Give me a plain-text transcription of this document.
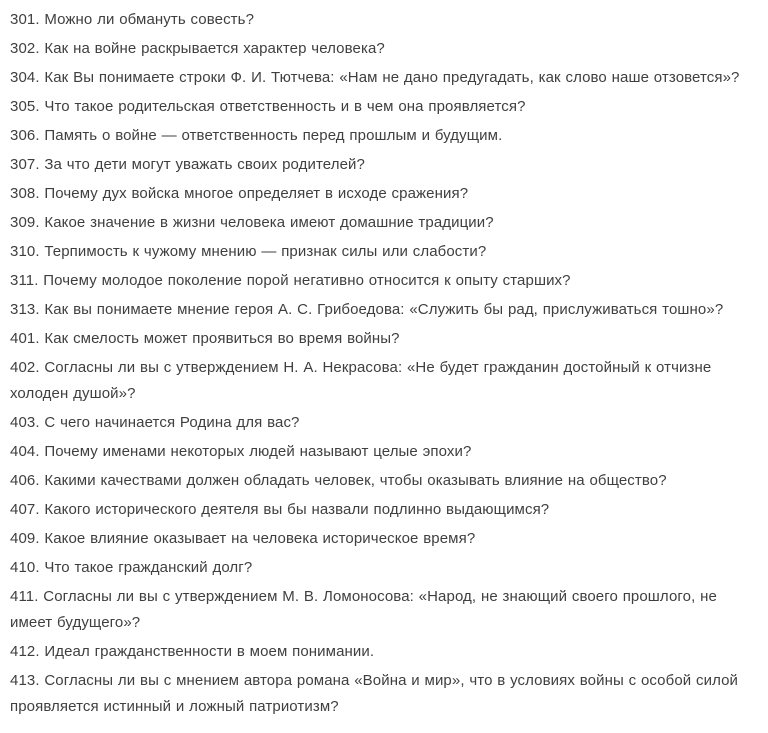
301. Можно ли обмануть совесть?

302. Как на войне раскрывается характер человека?

304. Как Вы понимаете строки Ф. И. Тютчева: «Нам не дано предугадать, как слово наше отзовется»?

305. Что такое родительская ответственность и в чем она проявляется?

306. Память о войне — ответственность перед прошлым и будущим.

307. За что дети могут уважать своих родителей?

308. Почему дух войска многое определяет в исходе сражения?

309. Какое значение в жизни человека имеют домашние традиции?

310. Терпимость к чужому мнению — признак силы или слабости?

311. Почему молодое поколение порой негативно относится к опыту старших?

313. Как вы понимаете мнение героя А. С. Грибоедова: «Служить бы рад, прислуживаться тошно»?

401. Как смелость может проявиться во время войны?

402. Согласны ли вы с утверждением Н. А. Некрасова: «Не будет гражданин достойный к отчизне холоден душой»?

403. С чего начинается Родина для вас?

404. Почему именами некоторых людей называют целые эпохи?

406. Какими качествами должен обладать человек, чтобы оказывать влияние на общество?

407. Какого исторического деятеля вы бы назвали подлинно выдающимся?

409. Какое влияние оказывает на человека историческое время?

410. Что такое гражданский долг?

411. Согласны ли вы с утверждением М. В. Ломоносова: «Народ, не знающий своего прошлого, не имеет будущего»?

412. Идеал гражданственности в моем понимании.

413. Согласны ли вы с мнением автора романа «Война и мир», что в условиях войны с особой силой проявляется истинный и ложный патриотизм?
